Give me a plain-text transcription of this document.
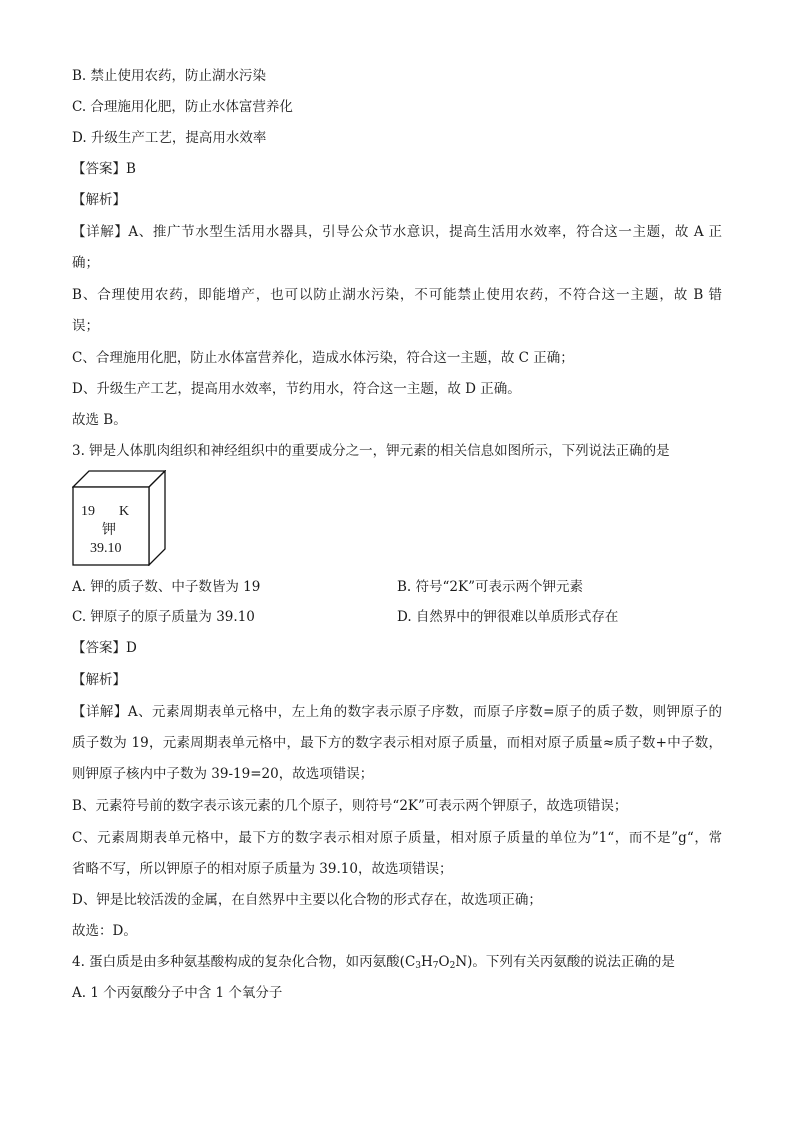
B. 禁止使用农药，防止湖水污染
C. 合理施用化肥，防止水体富营养化
D. 升级生产工艺，提高用水效率
【答案】B
【解析】
【详解】A、推广节水型生活用水器具，引导公众节水意识，提高生活用水效率，符合这一主题，故 A 正
确；
B、合理使用农药，即能增产，也可以防止湖水污染，不可能禁止使用农药，不符合这一主题，故 B 错
误；
C、合理施用化肥，防止水体富营养化，造成水体污染，符合这一主题，故 C 正确；
D、升级生产工艺，提高用水效率，节约用水，符合这一主题，故 D 正确。
故选 B。
3. 钾是人体肌肉组织和神经组织中的重要成分之一，钾元素的相关信息如图所示，下列说法正确的是
19 K
钾
39.10
A. 钾的质子数、中子数皆为 19	B. 符号“2K”可表示两个钾元素
C. 钾原子的原子质量为 39.10	D. 自然界中的钾很难以单质形式存在
【答案】D
【解析】
【详解】A、元素周期表单元格中，左上角的数字表示原子序数，而原子序数=原子的质子数，则钾原子的
质子数为 19，元素周期表单元格中，最下方的数字表示相对原子质量，而相对原子质量≈质子数+中子数，
则钾原子核内中子数为 39-19=20，故选项错误；
B、元素符号前的数字表示该元素的几个原子，则符号“2K”可表示两个钾原子，故选项错误；
C、元素周期表单元格中，最下方的数字表示相对原子质量，相对原子质量的单位为”1“，而不是”g“，常
省略不写，所以钾原子的相对原子质量为 39.10，故选项错误；
D、钾是比较活泼的金属，在自然界中主要以化合物的形式存在，故选项正确；
故选：D。
4. 蛋白质是由多种氨基酸构成的复杂化合物，如丙氨酸$(C_3H_7O_2N)$。下列有关丙氨酸的说法正确的是
A. 1 个丙氨酸分子中含 1 个氧分子
